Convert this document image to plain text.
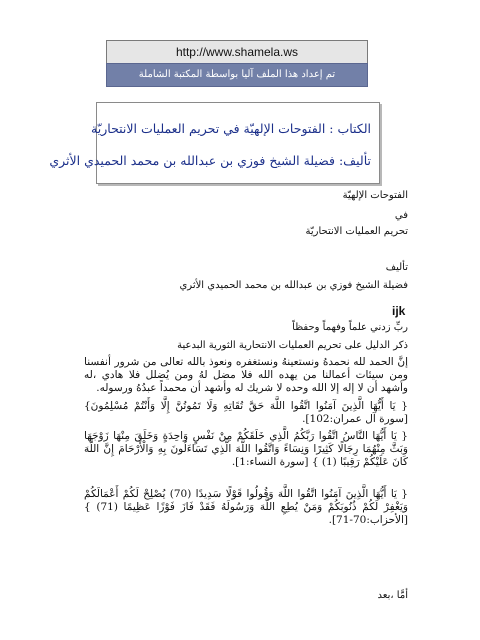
http://www.shamela.ws
تم إعداد هذا الملف آليا بواسطة المكتبة الشاملة
الكتاب : الفتوحات الإلهيّة في تحريم العمليات الانتحاريّة
تأليف: فضيلة الشيخ فوزي بن عبدالله بن محمد الحميدي الأثري
الفتوحات الإلهيّة
في
تحريم العمليات الانتحاريّة
تأليف
فضيلة الشيخ فوزي بن عبدالله بن محمد الحميدي الأثري
ijk
ربِّ زدني علماً وفهماً وحفظاً
ذكر الدليل على تحريم العمليات الانتحارية الثورية البدعية
إنَّ الحمد لله نحمدهُ ونستعينهُ ونستغفره ونعوذ بالله تعالى من شرور أنفسنا ومن سيئات أعمالنا من يهده الله فلا مضل لهُ ومن يُضلل فلا هادي ،له وأشهد أن لا إله إلا الله وحده لا شريك له وأشهد أن محمداً عبدُهُ ورسوله.
{ يَا أَيُّهَا الَّذِينَ آمَنُوا اتَّقُوا اللَّهَ حَقَّ تُقَاتِهِ وَلَا تَمُوتُنَّ إِلَّا وَأَنْتُمْ مُسْلِمُونَ} [سورة آل عمران:102].
{ يَا أَيُّهَا النَّاسُ اتَّقُوا رَبَّكُمُ الَّذِي خَلَقَكُمْ مِنْ نَفْسٍ وَاحِدَةٍ وَخَلَقَ مِنْهَا زَوْجَهَا وَبَثَّ مِنْهُمَا رِجَالًا كَثِيرًا وَنِسَاءً وَاتَّقُوا اللَّهَ الَّذِي تَسَاءَلُونَ بِهِ وَالْأَرْحَامَ إِنَّ اللَّهَ كَانَ عَلَيْكُمْ رَقِيبًا (1) } [سورة النساء:1].
{ يَا أَيُّهَا الَّذِينَ آمَنُوا اتَّقُوا اللَّهَ وَقُولُوا قَوْلًا سَدِيدًا (70) يُصْلِحْ لَكُمْ أَعْمَالَكُمْ وَيَغْفِرْ لَكُمْ ذُنُوبَكُمْ وَمَنْ يُطِعِ اللَّهَ وَرَسُولَهُ فَقَدْ فَازَ فَوْزًا عَظِيمًا (71) } [الأحزاب:70-71].
أمَّا ،بعد
